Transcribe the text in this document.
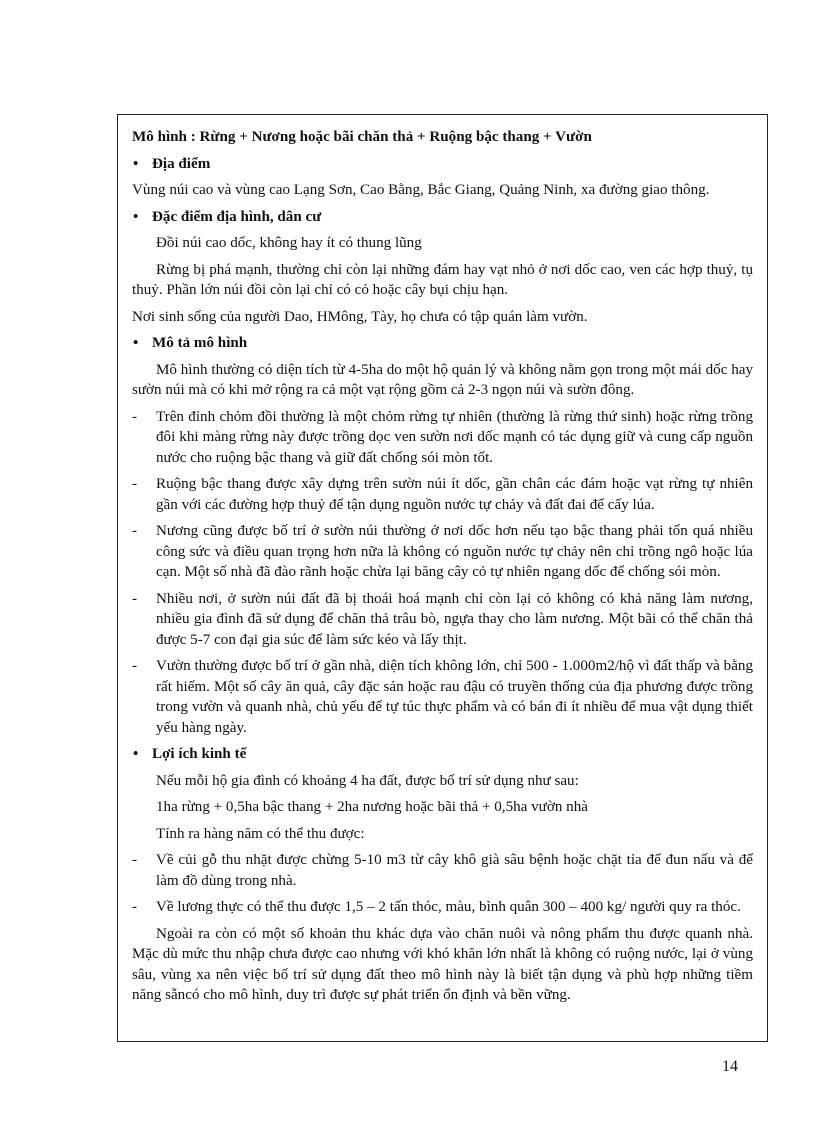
Mô hình : Rừng + Nương hoặc bãi chăn thả + Ruộng bậc thang + Vườn

• Địa điểm

Vùng núi cao và vùng cao Lạng Sơn, Cao Bằng, Bắc Giang, Quảng Ninh, xa đường giao thông.

• Đặc điểm địa hình, dân cư

Đồi núi cao dốc, không hay ít có thung lũng

Rừng bị phá mạnh, thường chỉ còn lại những đám hay vạt nhỏ ở nơi dốc cao, ven các hợp thuỷ, tụ thuỷ. Phần lớn núi đồi còn lại chỉ có cỏ hoặc cây bụi chịu hạn.

Nơi sinh sống của người Dao, HMông, Tày, họ chưa có tập quán làm vườn.

• Mô tả mô hình

Mô hình thường có diện tích từ 4-5ha do một hộ quản lý và không nằm gọn trong một mái dốc hay sườn núi mà có khi mở rộng ra cả một vạt rộng gồm cả 2-3 ngọn núi và sườn đông.

- Trên đỉnh chỏm đồi thường là một chỏm rừng tự nhiên (thường là rừng thứ sinh) hoặc rừng trồng đôi khi màng rừng này được trồng dọc ven sườn nơi dốc mạnh có tác dụng giữ và cung cấp nguồn nước cho ruộng bậc thang và giữ đất chống sói mòn tốt.
- Ruộng bậc thang được xây dựng trên sườn núi ít dốc, gần chân các đám hoặc vạt rừng tự nhiên gần với các đường hợp thuỷ để tận dụng nguồn nước tự chảy và đất đai để cấy lúa.
- Nương cũng được bố trí ở sườn núi thường ở nơi dốc hơn nếu tạo bậc thang phải tốn quá nhiều công sức và điều quan trọng hơn nữa là không có nguồn nước tự chảy nên chỉ trồng ngô hoặc lúa cạn. Một số nhà đã đào rãnh hoặc chừa lại băng cây cỏ tự nhiên ngang dốc để chống sói mòn.
- Nhiều nơi, ở sườn núi đất đã bị thoái hoá mạnh chỉ còn lại cỏ không có khả năng làm nương, nhiều gia đình đã sử dụng để chăn thả trâu bò, ngựa thay cho làm nương. Một bãi có thể chăn thả được 5-7 con đại gia súc để làm sức kéo và lấy thịt.
- Vườn thường được bố trí ở gần nhà, diện tích không lớn, chỉ 500 - 1.000m2/hộ vì đất thấp và bằng rất hiếm. Một số cây ăn quả, cây đặc sản hoặc rau đậu có truyền thống của địa phương được trồng trong vườn và quanh nhà, chủ yếu để tự túc thực phẩm và có bán đi ít nhiều để mua vật dụng thiết yếu hàng ngày.
• Lợi ích kinh tế

Nếu mỗi hộ gia đình có khoảng 4 ha đất, được bố trí sử dụng như sau:

1ha rừng + 0,5ha bậc thang + 2ha nương hoặc bãi thả + 0,5ha vườn nhà

Tính ra hàng năm có thể thu được:

- Về củi gỗ thu nhặt được chừng 5-10 m3 từ cây khô già sâu bệnh hoặc chặt tỉa để đun nấu và để làm đồ dùng trong nhà.
- Về lương thực có thể thu được 1,5 – 2 tấn thóc, màu, bình quân 300 – 400 kg/ người quy ra thóc.

Ngoài ra còn có một số khoản thu khác dựa vào chăn nuôi và nông phẩm thu được quanh nhà. Mặc dù mức thu nhập chưa được cao nhưng với khó khăn lớn nhất là không có ruộng nước, lại ở vùng sâu, vùng xa nên việc bố trí sử dụng đất theo mô hình này là biết tận dụng và phù hợp những tiềm năng sẵncó cho mô hình, duy trì được sự phát triển ổn định và bền vững.

14
